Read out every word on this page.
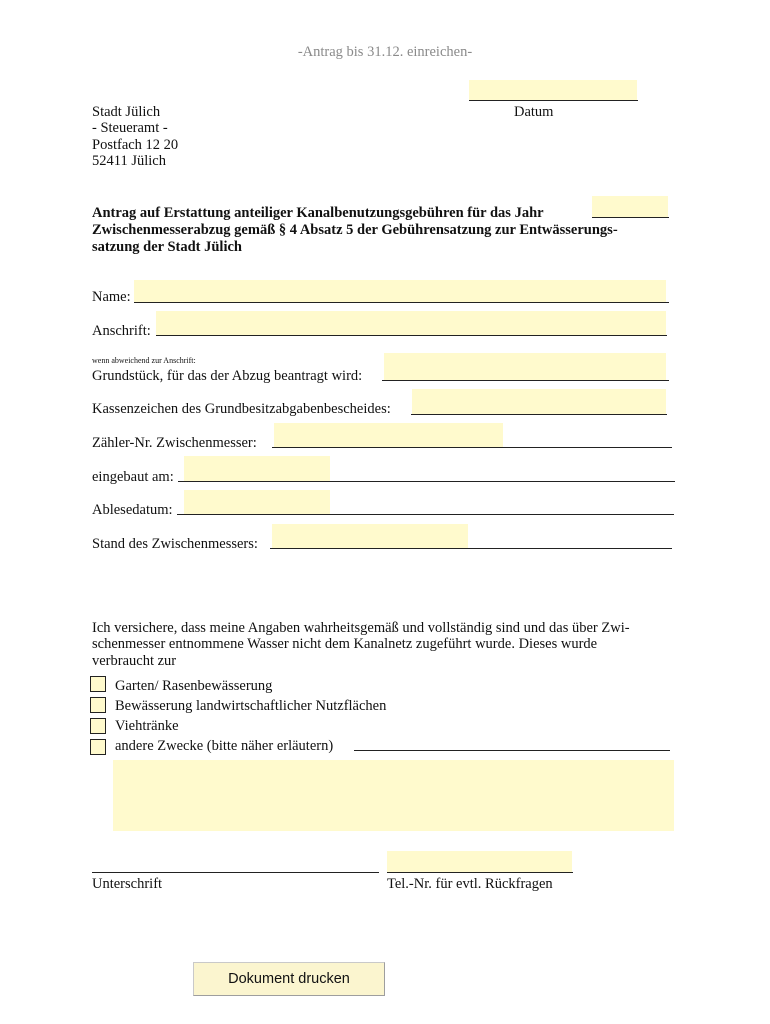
-Antrag bis 31.12. einreichen-
Datum
Stadt Jülich
- Steueramt -
Postfach 12 20
52411 Jülich
Antrag auf Erstattung anteiliger Kanalbenutzungsgebühren für das Jahr
Zwischenmesserabzug gemäß § 4 Absatz 5 der Gebührensatzung zur Entwässerungs-
satzung der Stadt Jülich
Name:
Anschrift:
wenn abweichend zur Anschrift:
Grundstück, für das der Abzug beantragt wird:
Kassenzeichen des Grundbesitzabgabenbescheides:
Zähler-Nr. Zwischenmesser:
eingebaut am:
Ablesedatum:
Stand des Zwischenmessers:
Ich versichere, dass meine Angaben wahrheitsgemäß und vollständig sind und das über Zwi-
schenmesser entnommene Wasser nicht dem Kanalnetz zugeführt wurde. Dieses wurde
verbraucht zur
Garten/ Rasenbewässerung
Bewässerung landwirtschaftlicher Nutzflächen
Viehtränke
andere Zwecke (bitte näher erläutern)
Unterschrift	Tel.-Nr. für evtl. Rückfragen
Dokument drucken
